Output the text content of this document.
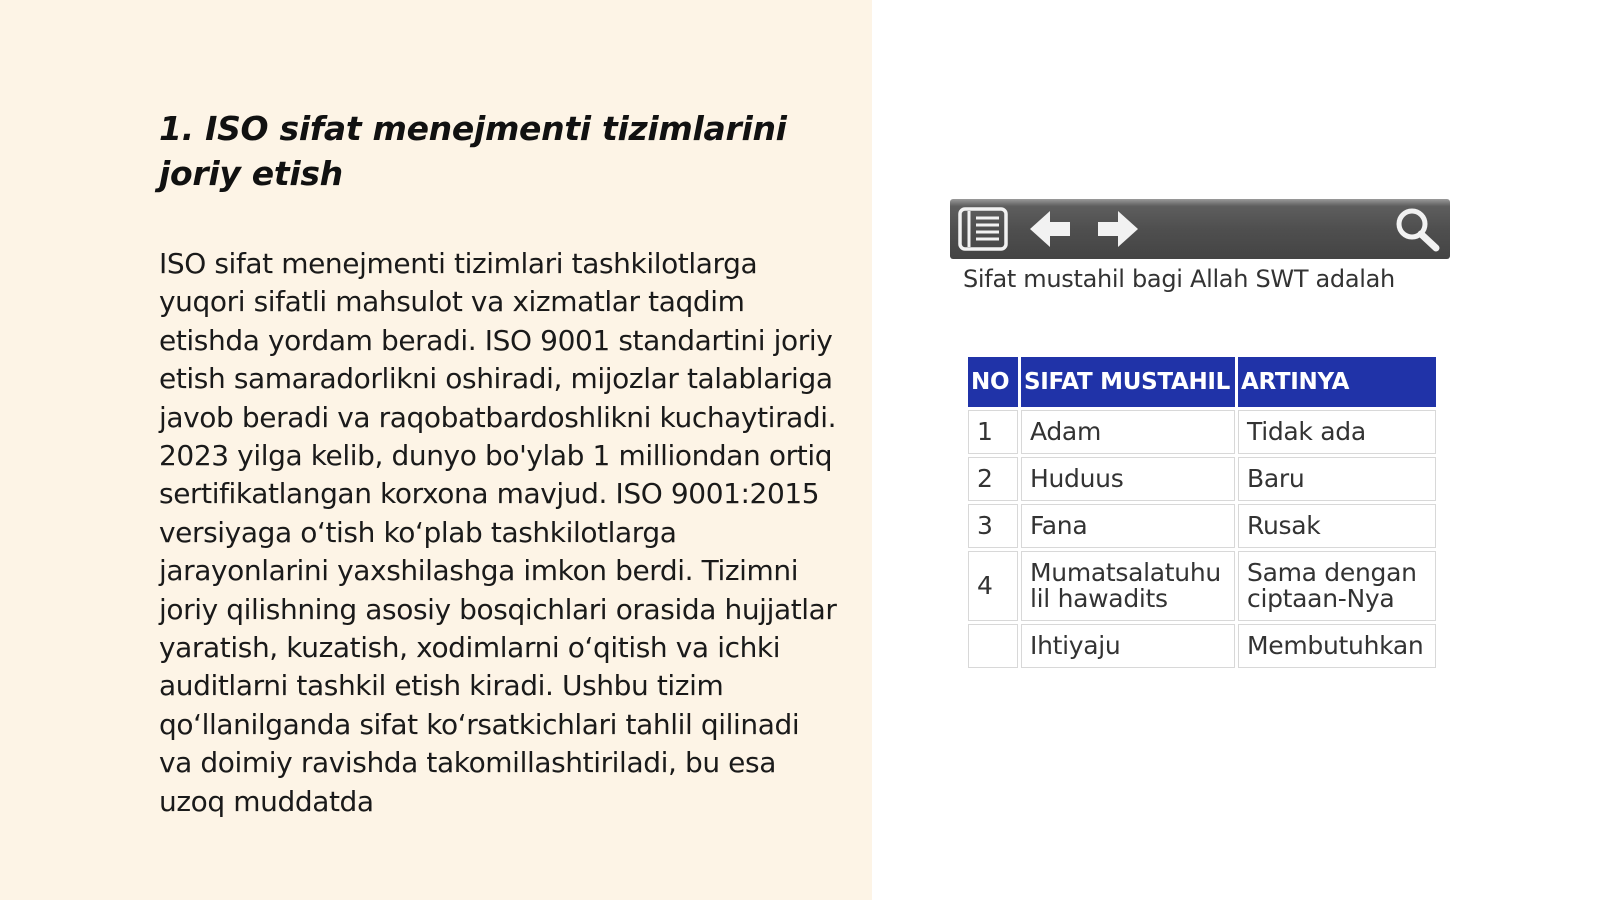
1. ISO sifat menejmenti tizimlarini joriy etish

ISO sifat menejmenti tizimlari tashkilotlarga yuqori sifatli mahsulot va xizmatlar taqdim etishda yordam beradi. ISO 9001 standartini joriy etish samaradorlikni oshiradi, mijozlar talablariga javob beradi va raqobatbardoshlikni kuchaytiradi. 2023 yilga kelib, dunyo bo'ylab 1 milliondan ortiq sertifikatlangan korxona mavjud. ISO 9001:2015 versiyaga o‘tish ko‘plab tashkilotlarga jarayonlarini yaxshilashga imkon berdi. Tizimni joriy qilishning asosiy bosqichlari orasida hujjatlar yaratish, kuzatish, xodimlarni o‘qitish va ichki auditlarni tashkil etish kiradi. Ushbu tizim qo‘llanilganda sifat ko‘rsatkichlari tahlil qilinadi va doimiy ravishda takomillashtiriladi, bu esa uzoq muddatda

Sifat mustahil bagi Allah SWT adalah

NO	SIFAT MUSTAHIL	ARTINYA
1	Adam	Tidak ada
2	Huduus	Baru
3	Fana	Rusak
4	Mumatsalatuhu lil hawadits	Sama dengan ciptaan-Nya
	Ihtiyaju	Membutuhkan
